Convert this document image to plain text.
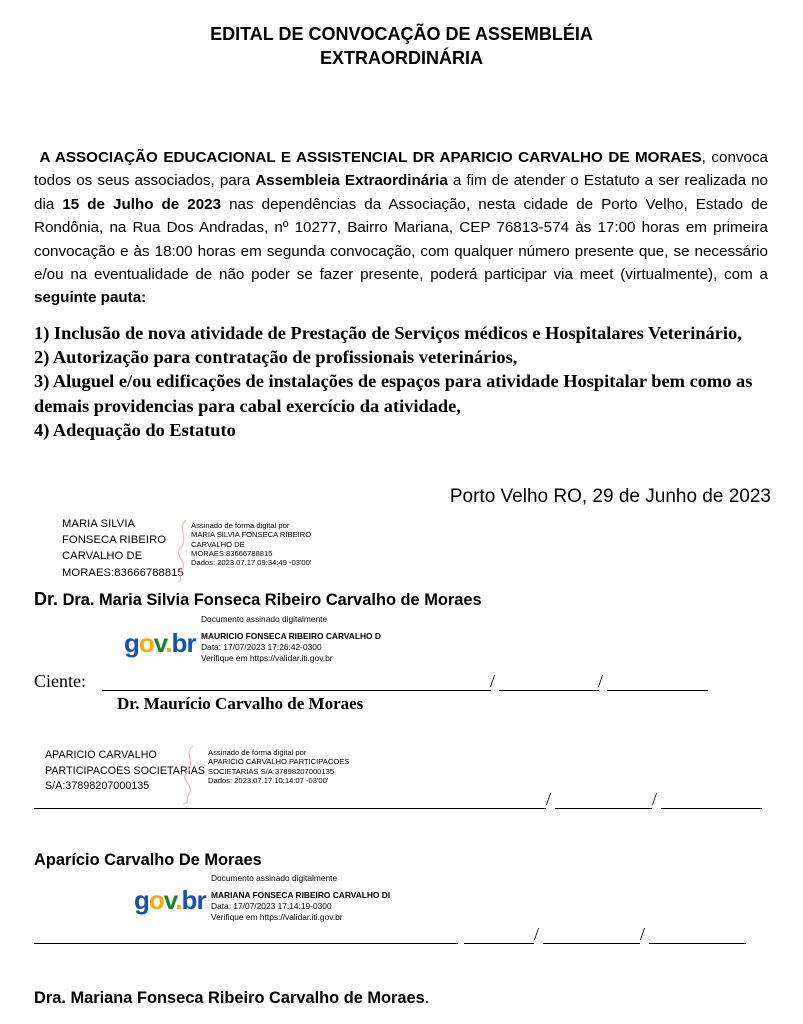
EDITAL DE CONVOCAÇÃO DE ASSEMBLÉIA
EXTRAORDINÁRIA
A ASSOCIAÇÃO EDUCACIONAL E ASSISTENCIAL DR APARICIO CARVALHO DE MORAES, convoca todos os seus associados, para Assembleia Extraordinária a fim de atender o Estatuto a ser realizada no dia 15 de Julho de 2023 nas dependências da Associação, nesta cidade de Porto Velho, Estado de Rondônia, na Rua Dos Andradas, nº 10277, Bairro Mariana, CEP 76813-574 às 17:00 horas em primeira convocação e às 18:00 horas em segunda convocação, com qualquer número presente que, se necessário e/ou na eventualidade de não poder se fazer presente, poderá participar via meet (virtualmente), com a seguinte pauta:
1) Inclusão de nova atividade de Prestação de Serviços médicos e Hospitalares Veterinário,
2) Autorização para contratação de profissionais veterinários,
3) Aluguel e/ou edificações de instalações de espaços para atividade Hospitalar bem como as demais providencias para cabal exercício da atividade,
4) Adequação do Estatuto
Porto Velho RO, 29 de Junho de 2023
MARIA SILVIA
FONSECA RIBEIRO
CARVALHO DE
MORAES:83666788815
Assinado de forma digital por
MARIA SILVIA FONSECA RIBEIRO
CARVALHO DE
MORAES:83666788815
Dados: 2023.07.17 09:34:49 -03'00'
Dr. Dra. Maria Silvia Fonseca Ribeiro Carvalho de Moraes
gov.br
Documento assinado digitalmente
MAURICIO FONSECA RIBEIRO CARVALHO D
Data: 17/07/2023 17:26:42-0300
Verifique em https://validar.iti.gov.br
Ciente:	/	/
Dr. Maurício Carvalho de Moraes
APARICIO CARVALHO
PARTICIPACOES SOCIETARIAS
S/A:37898207000135
Assinado de forma digital por
APARICIO CARVALHO PARTICIPACOES
SOCIETARIAS S/A:37898207000135
Dados: 2023.07.17 10:14:07 -03'00'
/	/
Aparício Carvalho De Moraes
gov.br
Documento assinado digitalmente
MARIANA FONSECA RIBEIRO CARVALHO DI
Data: 17/07/2023 17:14:19-0300
Verifique em https://validar.iti.gov.br
/	/
Dra. Mariana Fonseca Ribeiro Carvalho de Moraes.
